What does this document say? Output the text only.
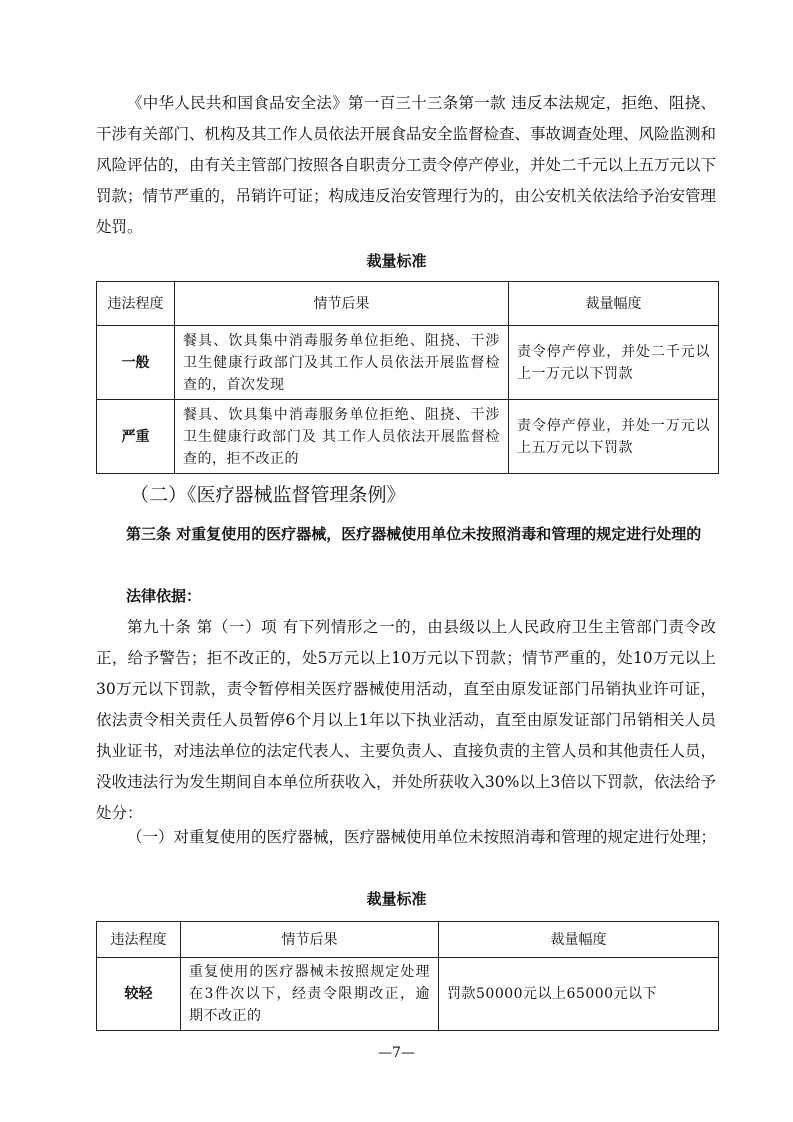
《中华人民共和国食品安全法》第一百三十三条第一款 违反本法规定，拒绝、阻挠、干涉有关部门、机构及其工作人员依法开展食品安全监督检查、事故调查处理、风险监测和风险评估的，由有关主管部门按照各自职责分工责令停产停业，并处二千元以上五万元以下罚款；情节严重的，吊销许可证；构成违反治安管理行为的，由公安机关依法给予治安管理处罚。

裁量标准

违法程度	情节后果	裁量幅度
一般	餐具、饮具集中消毒服务单位拒绝、阻挠、干涉卫生健康行政部门及其工作人员依法开展监督检查的，首次发现	责令停产停业，并处二千元以上一万元以下罚款
严重	餐具、饮具集中消毒服务单位拒绝、阻挠、干涉卫生健康行政部门及 其工作人员依法开展监督检查的，拒不改正的	责令停产停业，并处一万元以上五万元以下罚款

（二）《医疗器械监督管理条例》

第三条 对重复使用的医疗器械，医疗器械使用单位未按照消毒和管理的规定进行处理的

法律依据：

第九十条 第（一）项 有下列情形之一的，由县级以上人民政府卫生主管部门责令改正，给予警告；拒不改正的，处5万元以上10万元以下罚款；情节严重的，处10万元以上30万元以下罚款，责令暂停相关医疗器械使用活动，直至由原发证部门吊销执业许可证，依法责令相关责任人员暂停6个月以上1年以下执业活动，直至由原发证部门吊销相关人员执业证书，对违法单位的法定代表人、主要负责人、直接负责的主管人员和其他责任人员，没收违法行为发生期间自本单位所获收入，并处所获收入30%以上3倍以下罚款，依法给予处分：

（一）对重复使用的医疗器械，医疗器械使用单位未按照消毒和管理的规定进行处理；

裁量标准

违法程度	情节后果	裁量幅度
较轻	重复使用的医疗器械未按照规定处理在3件次以下，经责令限期改正，逾期不改正的	罚款50000元以上65000元以下
—7—
